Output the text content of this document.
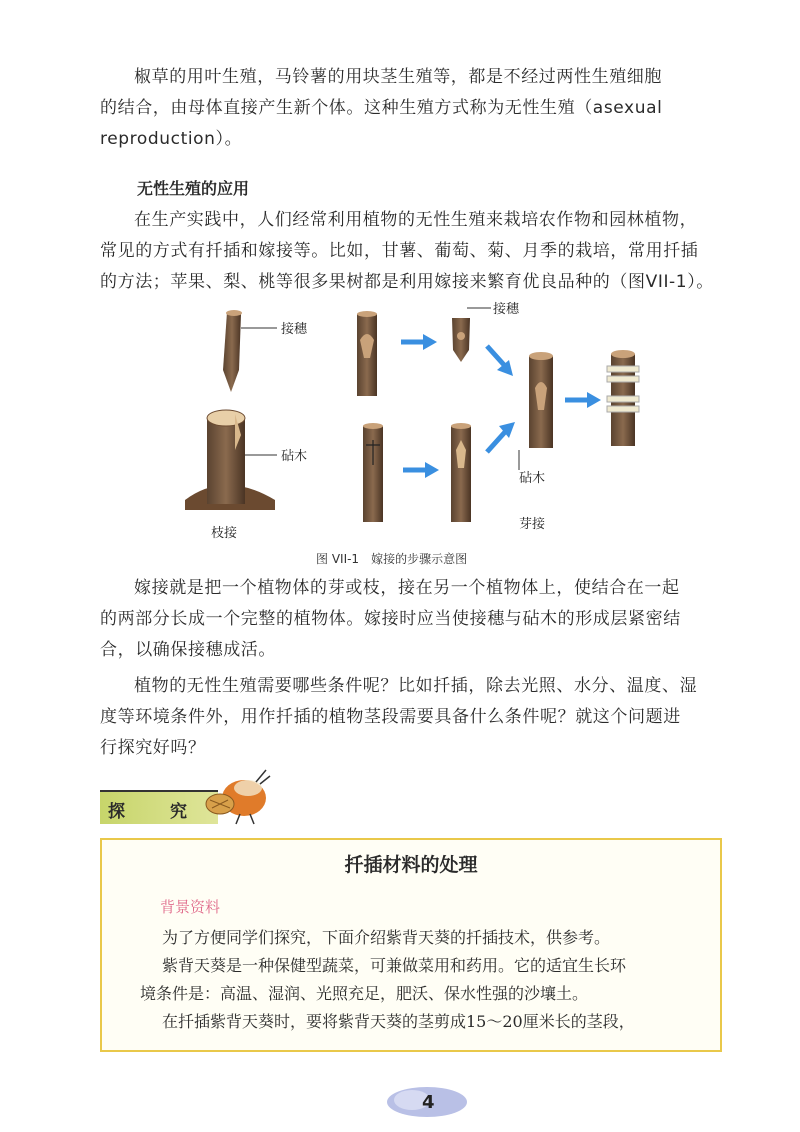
椒草的用叶生殖，马铃薯的用块茎生殖等，都是不经过两性生殖细胞

的结合，由母体直接产生新个体。这种生殖方式称为无性生殖（asexual

reproduction）。

无性生殖的应用

在生产实践中，人们经常利用植物的无性生殖来栽培农作物和园林植物，

常见的方式有扦插和嫁接等。比如，甘薯、葡萄、菊、月季的栽培，常用扦插

的方法；苹果、梨、桃等很多果树都是利用嫁接来繁育优良品种的（图VII-1）。

接穗
砧木
枝接
接穗
砧木
芽接
图 VII-1　嫁接的步骤示意图

嫁接就是把一个植物体的芽或枝，接在另一个植物体上，使结合在一起

的两部分长成一个完整的植物体。嫁接时应当使接穗与砧木的形成层紧密结

合，以确保接穗成活。

植物的无性生殖需要哪些条件呢？比如扦插，除去光照、水分、温度、湿

度等环境条件外，用作扦插的植物茎段需要具备什么条件呢？就这个问题进

行探究好吗？

探	究
扦插材料的处理
背景资料

为了方便同学们探究，下面介绍紫背天葵的扦插技术，供参考。

紫背天葵是一种保健型蔬菜，可兼做菜用和药用。它的适宜生长环

境条件是：高温、湿润、光照充足，肥沃、保水性强的沙壤土。

在扦插紫背天葵时，要将紫背天葵的茎剪成15～20厘米长的茎段，

4
